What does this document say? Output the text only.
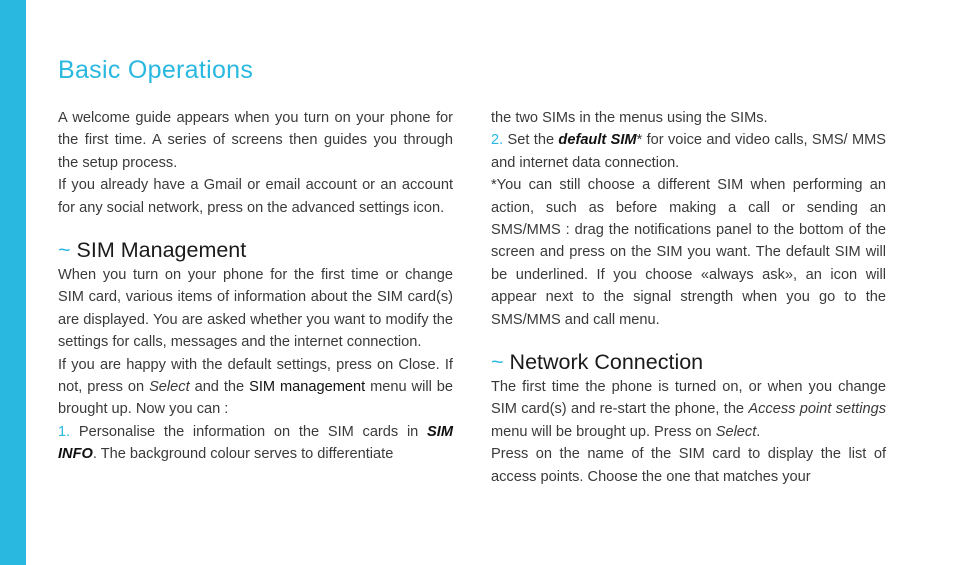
Basic Operations

A welcome guide appears when you turn on your phone for the first time. A series of screens then guides you through the setup process.

If you already have a Gmail or email account or an account for any social network, press on the advanced settings icon.

~ SIM Management

When you turn on your phone for the first time or change SIM card, various items of information about the SIM card(s) are displayed. You are asked whether you want to modify the settings for calls, messages and the internet connection.

If you are happy with the default settings, press on Close. If not, press on Select and the SIM management menu will be brought up. Now you can :

1. Personalise the information on the SIM cards in SIM INFO. The background colour serves to differentiate

the two SIMs in the menus using the SIMs.

2. Set the default SIM* for voice and video calls, SMS/ MMS and internet data connection.

*You can still choose a different SIM when performing an action, such as before making a call or sending an SMS/MMS : drag the notifications panel to the bottom of the screen and press on the SIM you want. The default SIM will be underlined. If you choose «always ask», an icon will appear next to the signal strength when you go to the SMS/MMS and call menu.

~ Network Connection

The first time the phone is turned on, or when you change SIM card(s) and re-start the phone, the Access point settings menu will be brought up. Press on Select.

Press on the name of the SIM card to display the list of access points. Choose the one that matches your
